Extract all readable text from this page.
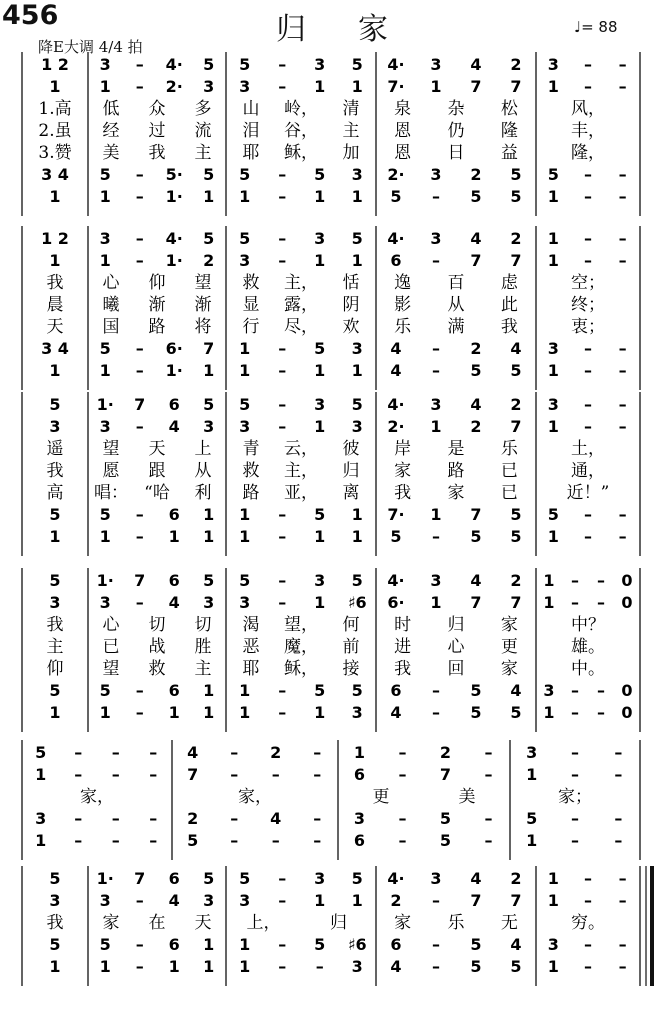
456	归家
降E大调 4/4 拍
♩= 88
1 2 3 – 4· 5 5 – 3 5 4· 3 4 2 3 – –
1 1 – 2· 3 3 – 1 1 7· 1 7 7 1 – –
1.高 低 众 多 山 岭， 清 泉 杂 松	风，
2.虽 经 过 流 泪 谷， 主 恩 仍 隆	丰，
3.赞 美 我 主 耶 稣， 加 恩 日 益	隆，
3 4 5 – 5· 5 5 – 5 3 2· 3 2 5 5 – –
1 1 – 1· 1 1 – 1 1 5 – 5 5 1 – –
1 2 3 – 4· 5 5 – 3 5 4· 3 4 2 1 – –
1 1 – 1· 2 3 – 1 1 6 – 7 7 1 – –
我 心 仰 望 救 主， 恬 逸 百 虑	空；
晨 曦 渐 渐 显 露， 阴 影 从 此	终；
天 国 路 将 行 尽， 欢 乐 满 我	衷；
3 4 5 – 6· 7 1 – 5 3 4 – 2 4 3 – –
1 1 – 1· 1 1 – 1 1 4 – 5 5 1 – –
5 1· 7 6 5 5 – 3 5 4· 3 4 2 3 – –
3 3 – 4 3 3 – 1 3 2· 1 2 7 1 – –
遥 望 天 上 青 云， 彼 岸 是 乐	土，
我 愿 跟 从 救 主， 归 家 路 已	通，
高 唱： “哈 利 路 亚， 离 我 家 已	近！”
5 5 – 6 1 1 – 5 1 7· 1 7 5 5 – –
1 1 – 1 1 1 – 1 1 5 – 5 5 1 – –
5 1· 7 6 5 5 – 3 5 4· 3 4 2 1 – – 0
3 3 – 4 3 3 – 1 ♯6 6· 1 7 7 1 – – 0
我 心 切 切 渴 望， 何 时 归 家	中？
主 已 战 胜 恶 魔， 前 进 心 更	雄。
仰 望 救 主 耶 稣， 接 我 回 家	中。
5 5 – 6 1 1 – 5 5 6 – 5 4 3 – – 0
1 1 – 1 1 1 – 1 3 4 – 5 5 1 – – 0
5 – – – 4 – 2 – 1 – 2 – 3 – –
1 – – – 7 – – – 6 – 7 – 1 – –
家，	家，	更	美	家；
3 – – – 2 – 4 – 3 – 5 – 5 – –
1 – – – 5 – – – 6 – 5 – 1 – –
5 1· 7 6 5 5 – 3 5 4· 3 4 2 1 – –
3 3 – 4 3 3 – 1 1 2 – 7 7 1 – –
我 家 在 天 上，	归	家 乐 无	穷。
5 5 – 6 1 1 – 5 ♯6 6 – 5 4 3 – –
1 1 – 1 1 1 – – 3 4 – 5 5 1 – –
